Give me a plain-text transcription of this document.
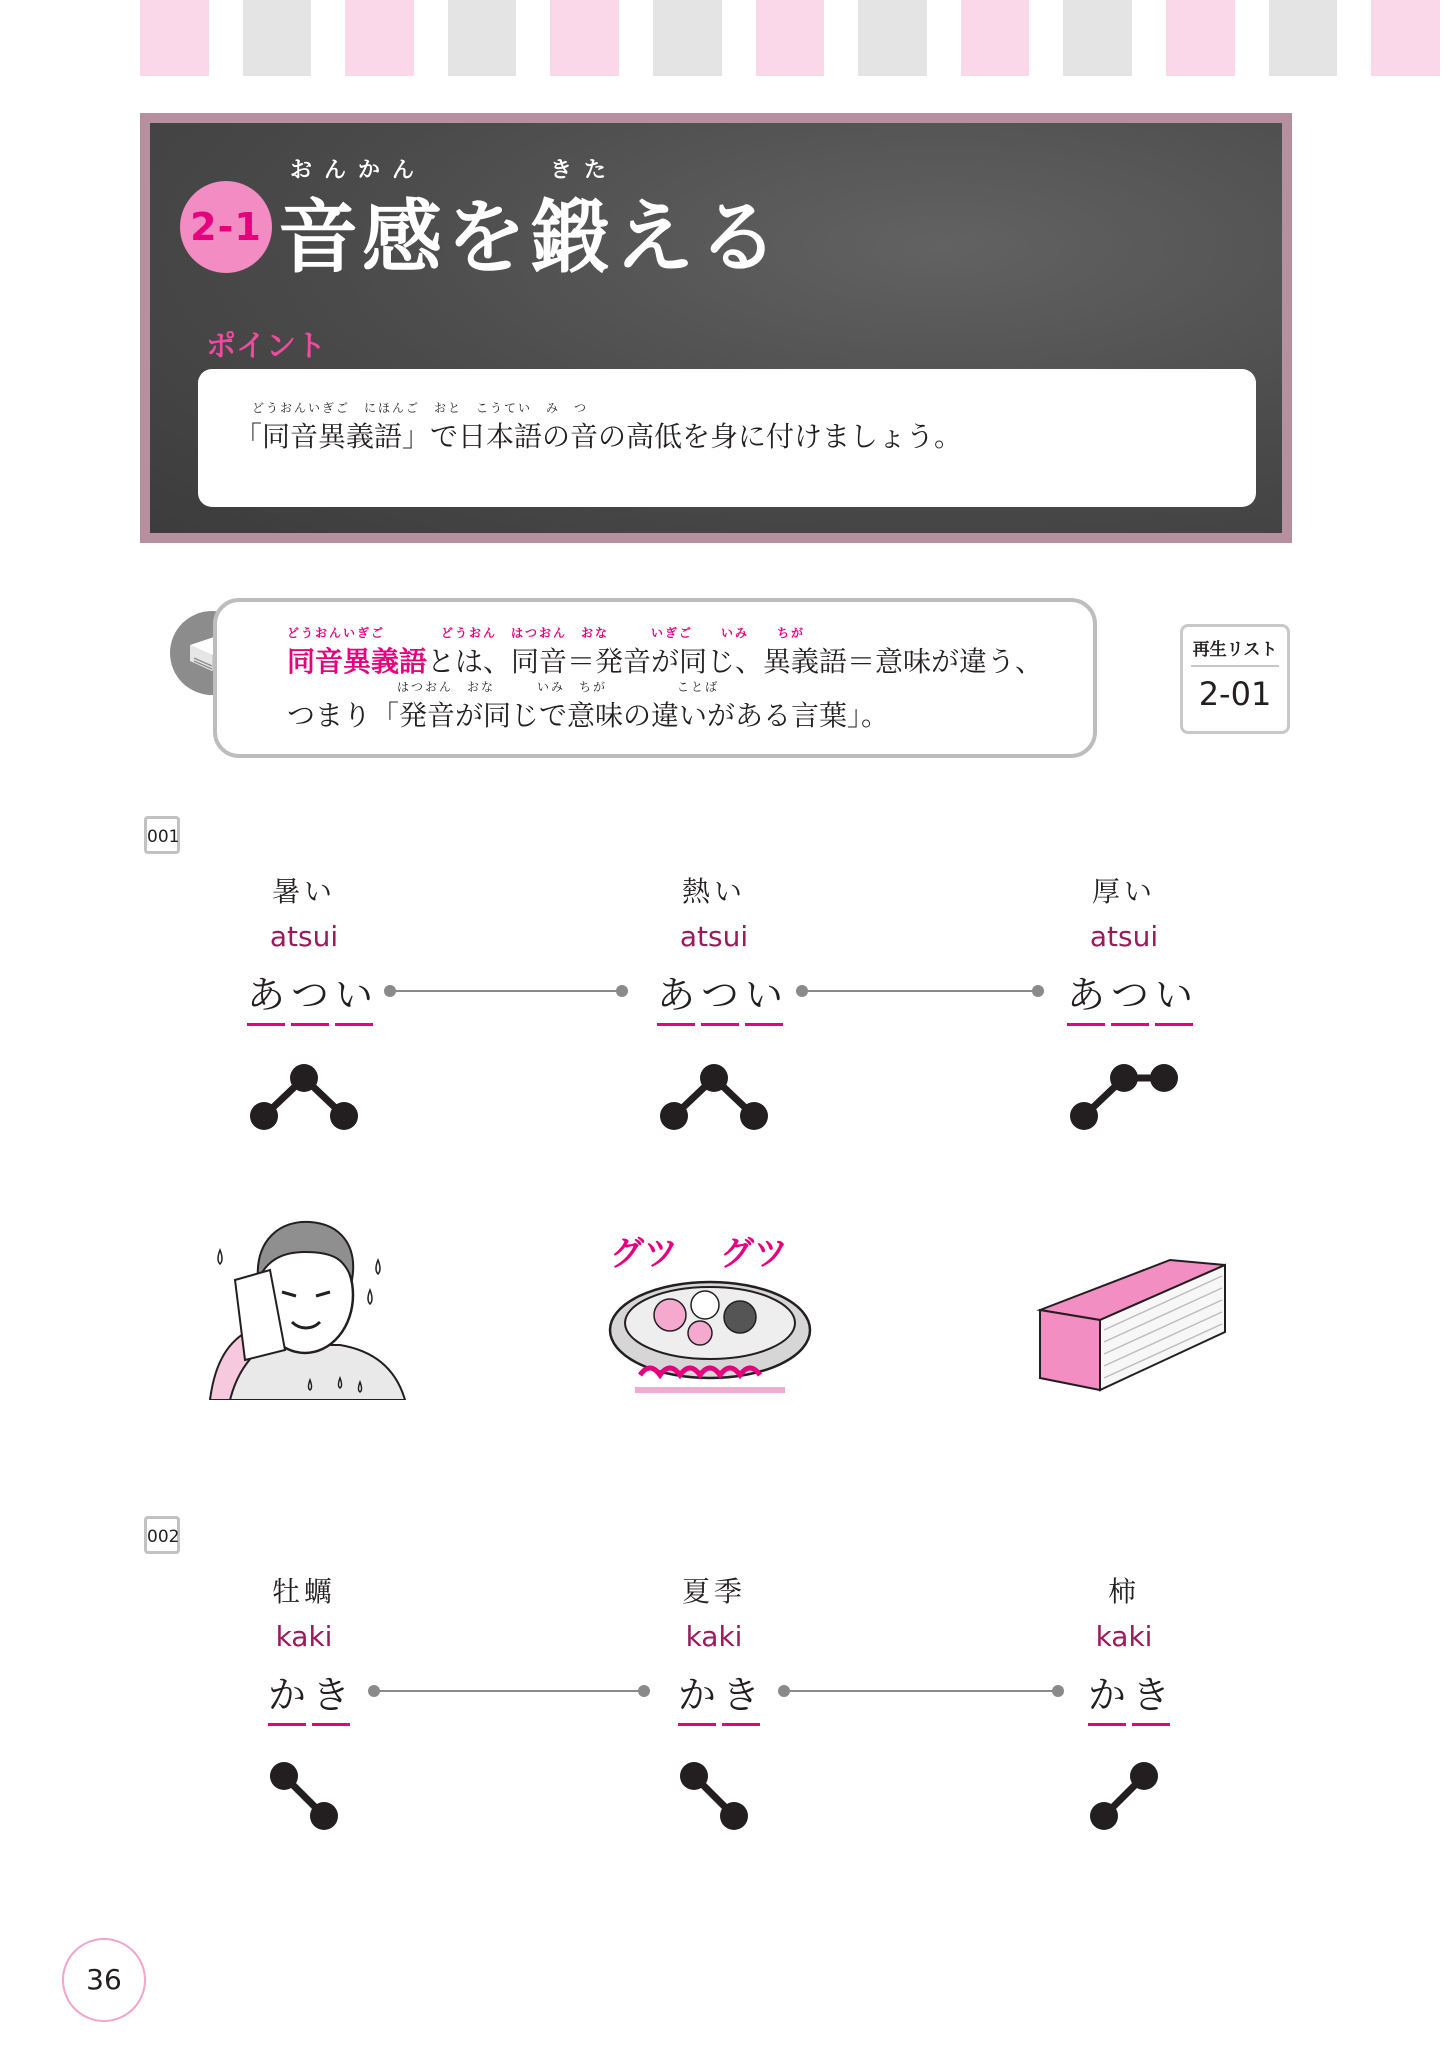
2-1
おんかん	きた
音感を鍛える
ポイント
どうおんいぎご　にほんご　おと　こうてい　み　つ
「同音異義語」で日本語の音の高低を身に付けましょう。
どうおんいぎご　　　　どうおん　はつおん　おな　　　いぎご　　いみ　　ちが
同音異義語とは、同音＝発音が同じ、異義語＝意味が違う、
はつおん　おな　　　いみ　ちが　　　　　ことば
つまり「発音が同じで意味の違いがある言葉」。
再生リスト
2-01
001
暑い
atsui
あ つ い
熱い
atsui
あ つ い
厚い
atsui
あ つ い
グツ グツ
002
牡蠣
kaki
か き
夏季
kaki
か き
柿
kaki
か き
36
